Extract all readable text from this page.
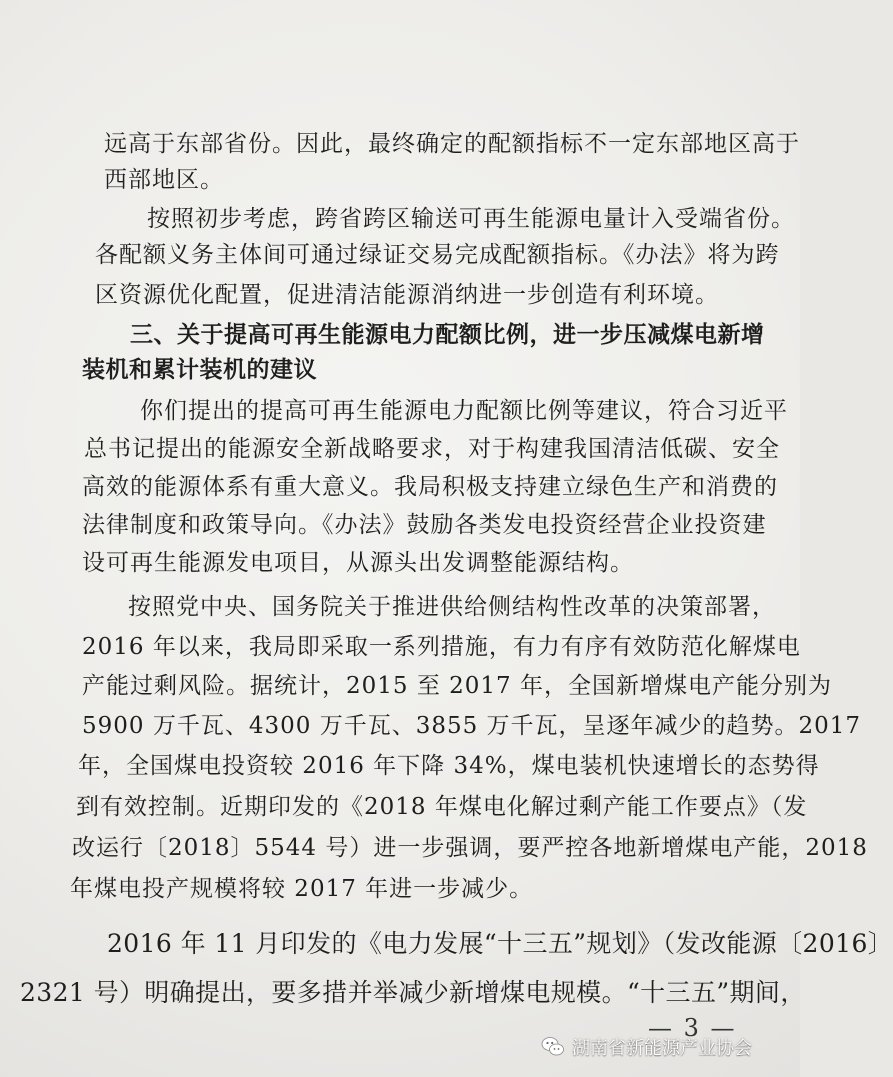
远高于东部省份。因此，最终确定的配额指标不一定东部地区高于
西部地区。
按照初步考虑，跨省跨区输送可再生能源电量计入受端省份。
各配额义务主体间可通过绿证交易完成配额指标。《办法》将为跨
区资源优化配置，促进清洁能源消纳进一步创造有利环境。
三、关于提高可再生能源电力配额比例，进一步压减煤电新增
装机和累计装机的建议
你们提出的提高可再生能源电力配额比例等建议，符合习近平
总书记提出的能源安全新战略要求，对于构建我国清洁低碳、安全
高效的能源体系有重大意义。我局积极支持建立绿色生产和消费的
法律制度和政策导向。《办法》鼓励各类发电投资经营企业投资建
设可再生能源发电项目，从源头出发调整能源结构。
按照党中央、国务院关于推进供给侧结构性改革的决策部署，
2016 年以来，我局即采取一系列措施，有力有序有效防范化解煤电
产能过剩风险。据统计，2015 至 2017 年，全国新增煤电产能分别为
5900 万千瓦、4300 万千瓦、3855 万千瓦，呈逐年减少的趋势。2017
年，全国煤电投资较 2016 年下降 34%，煤电装机快速增长的态势得
到有效控制。近期印发的《2018 年煤电化解过剩产能工作要点》（发
改运行〔2018〕5544 号）进一步强调，要严控各地新增煤电产能，2018
年煤电投产规模将较 2017 年进一步减少。
2016 年 11 月印发的《电力发展“十三五”规划》（发改能源〔2016〕
2321 号）明确提出，要多措并举减少新增煤电规模。“十三五”期间，
— 3 —
湖南省新能源产业协会
